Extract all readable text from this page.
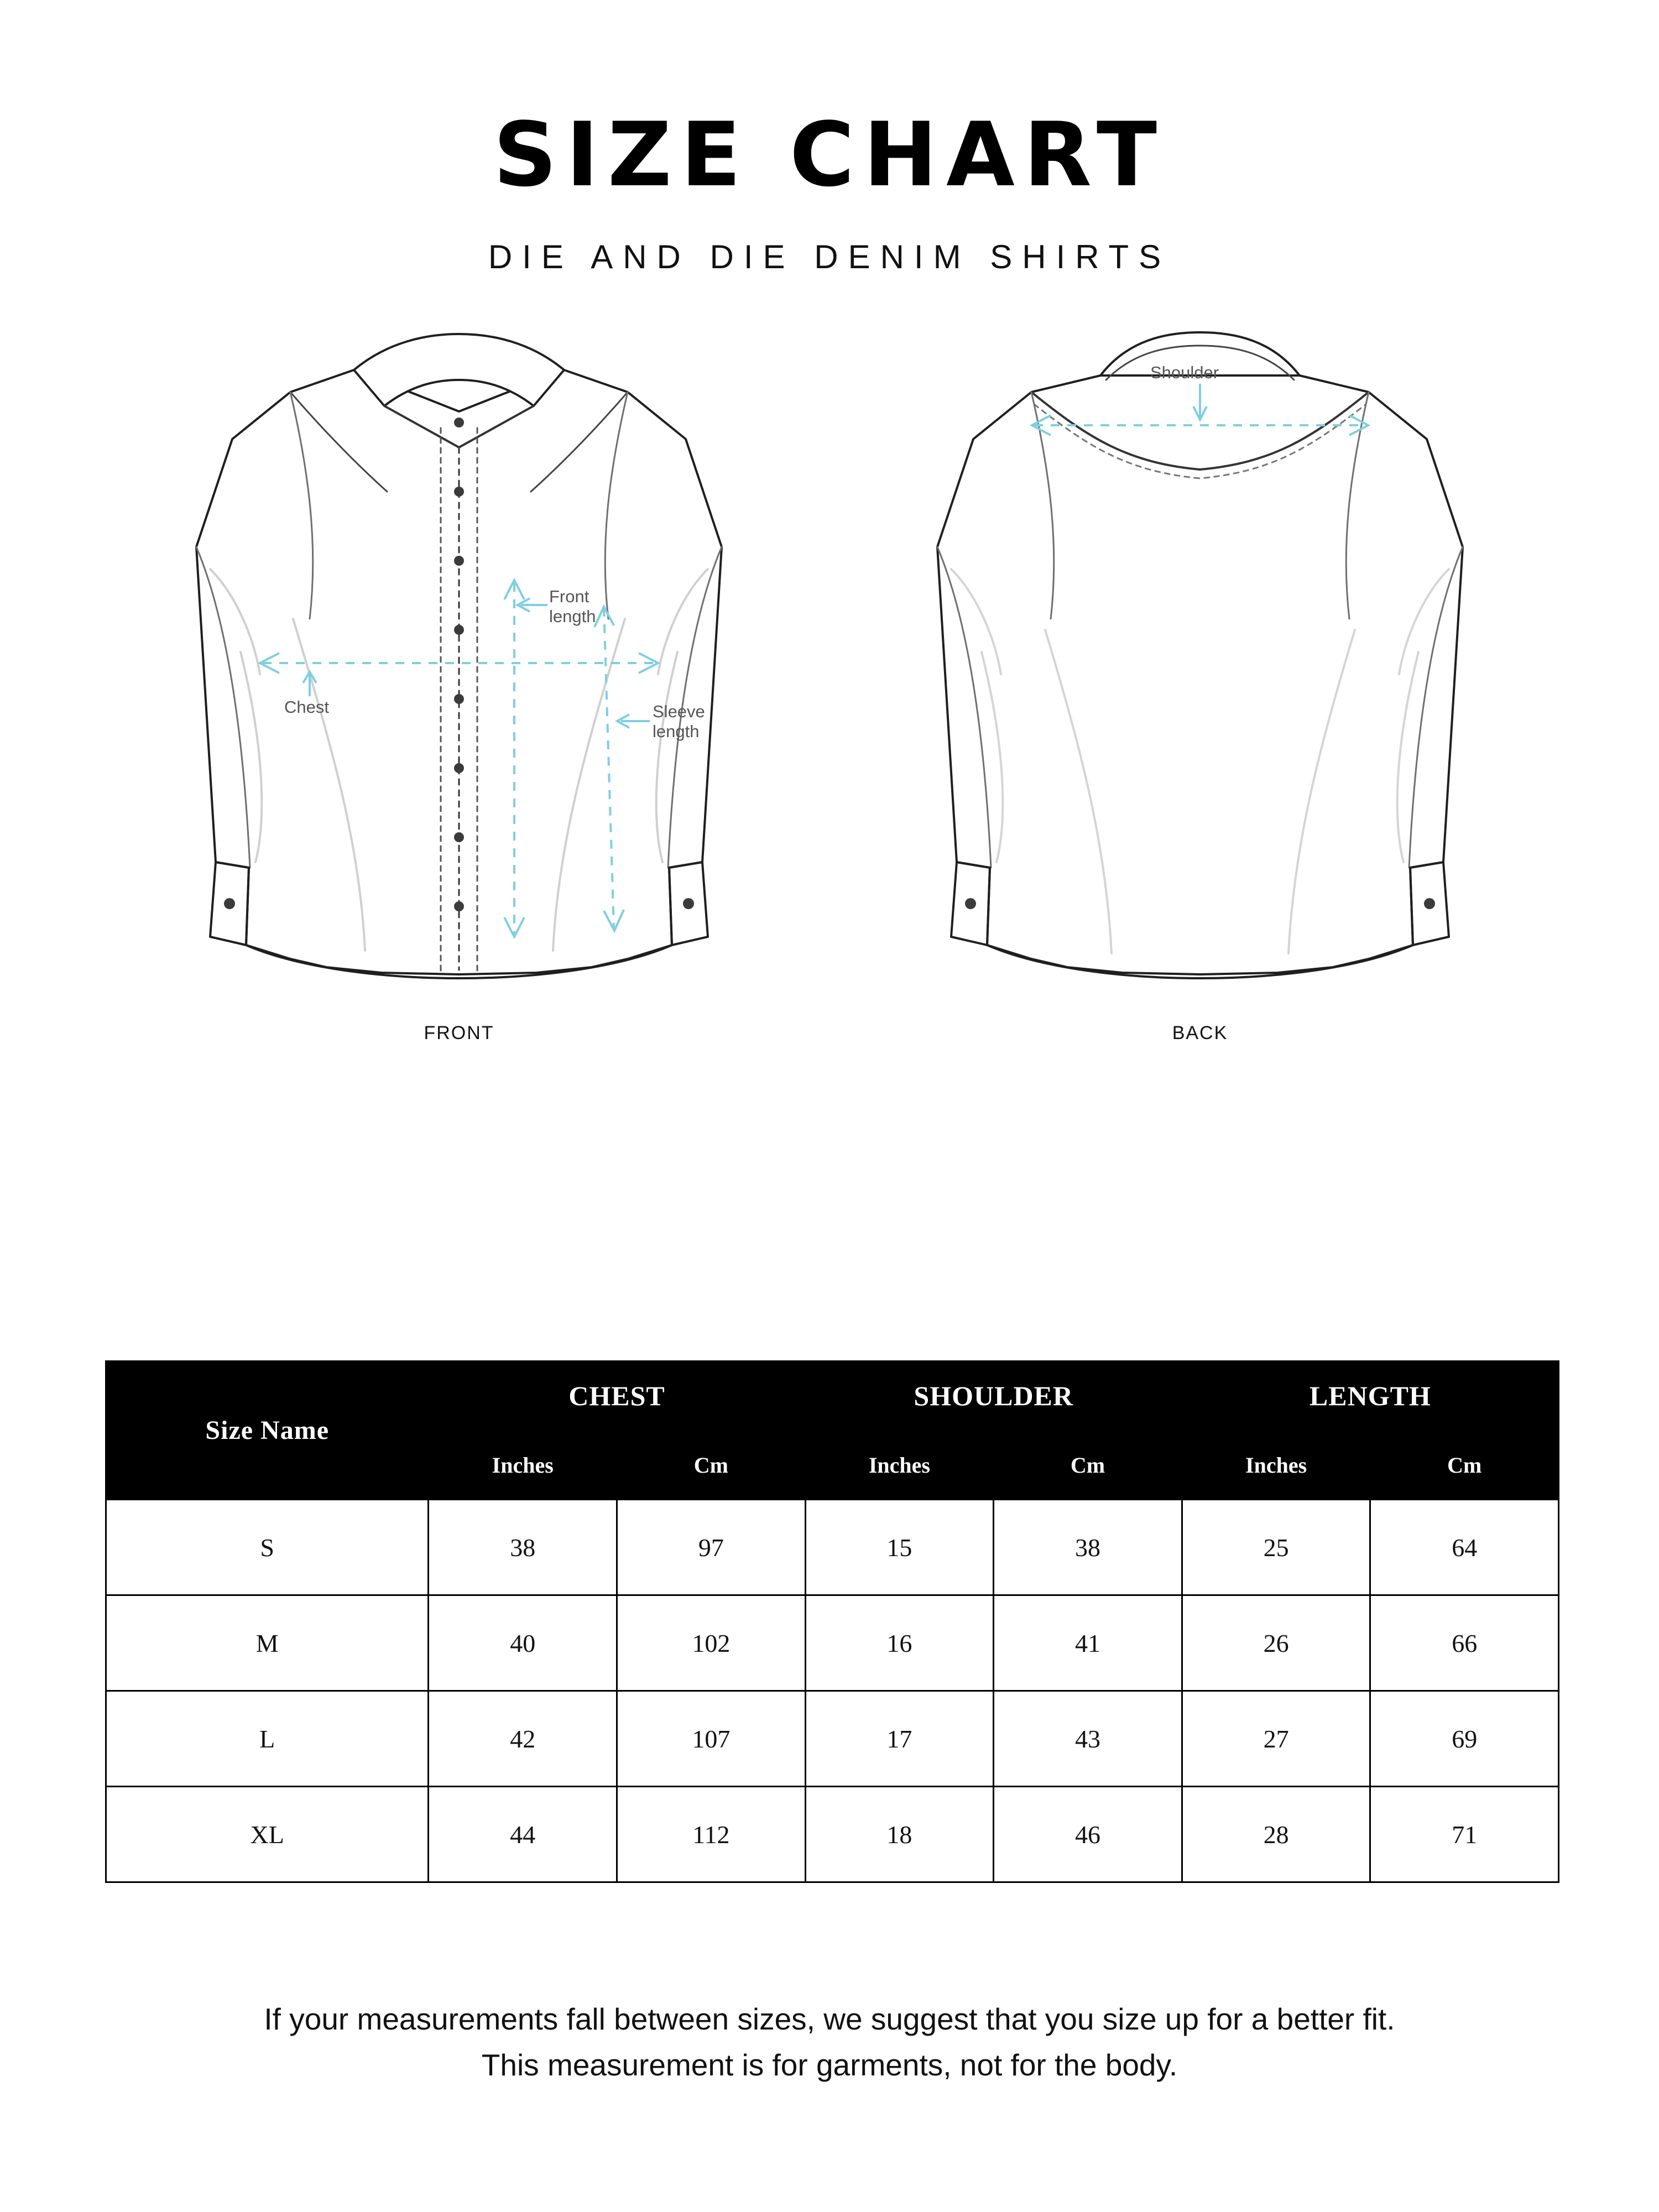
SIZE CHART
DIE AND DIE DENIM SHIRTS
Front
length
Chest	Sleeve
length
Shoulder
FRONT	BACK
Size Name	CHEST		SHOULDER		LENGTH	
	Inches	Cm	Inches	Cm	Inches	Cm
S	38	97	15	38	25	64
M	40	102	16	41	26	66
L	42	107	17	43	27	69
XL	44	112	18	46	28	71
If your measurements fall between sizes, we suggest that you size up for a better fit.
This measurement is for garments, not for the body.
